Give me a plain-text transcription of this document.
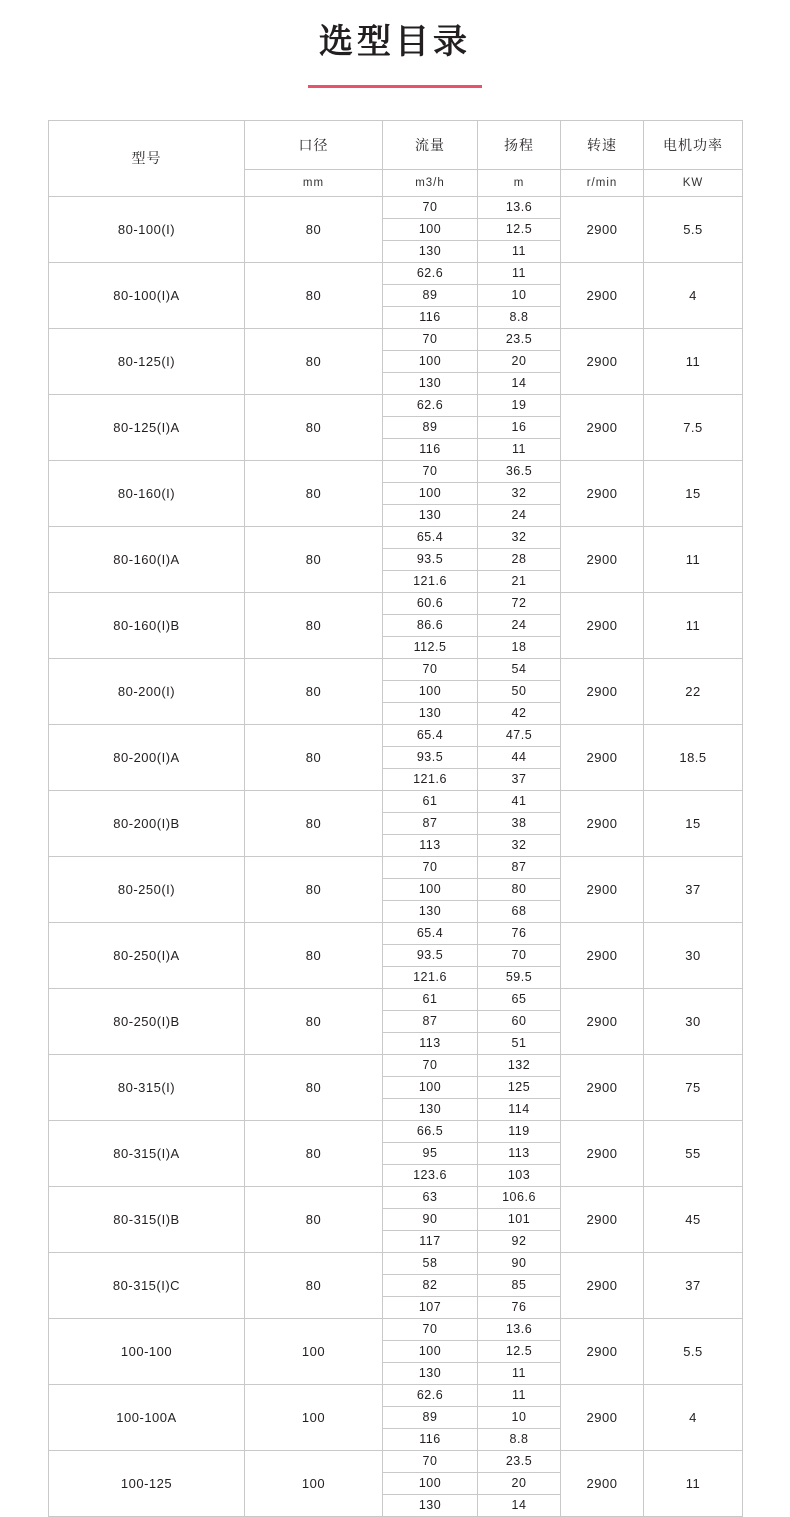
选型目录
型号	口径	流量	扬程	转速	电机功率
	mm	m3/h	m	r/min	KW
80-100(I)	80	70	13.6	2900	5.5
		100	12.5		
		130	11		
80-100(I)A	80	62.6	11	2900	4
		89	10		
		116	8.8		
80-125(I)	80	70	23.5	2900	11
		100	20		
		130	14		
80-125(I)A	80	62.6	19	2900	7.5
		89	16		
		116	11		
80-160(I)	80	70	36.5	2900	15
		100	32		
		130	24		
80-160(I)A	80	65.4	32	2900	11
		93.5	28		
		121.6	21		
80-160(I)B	80	60.6	72	2900	11
		86.6	24		
		112.5	18		
80-200(I)	80	70	54	2900	22
		100	50		
		130	42		
80-200(I)A	80	65.4	47.5	2900	18.5
		93.5	44		
		121.6	37		
80-200(I)B	80	61	41	2900	15
		87	38		
		113	32		
80-250(I)	80	70	87	2900	37
		100	80		
		130	68		
80-250(I)A	80	65.4	76	2900	30
		93.5	70		
		121.6	59.5		
80-250(I)B	80	61	65	2900	30
		87	60		
		113	51		
80-315(I)	80	70	132	2900	75
		100	125		
		130	114		
80-315(I)A	80	66.5	119	2900	55
		95	113		
		123.6	103		
80-315(I)B	80	63	106.6	2900	45
		90	101		
		117	92		
80-315(I)C	80	58	90	2900	37
		82	85		
		107	76		
100-100	100	70	13.6	2900	5.5
		100	12.5		
		130	11		
100-100A	100	62.6	11	2900	4
		89	10		
		116	8.8		
100-125	100	70	23.5	2900	11
		100	20		
		130	14		
